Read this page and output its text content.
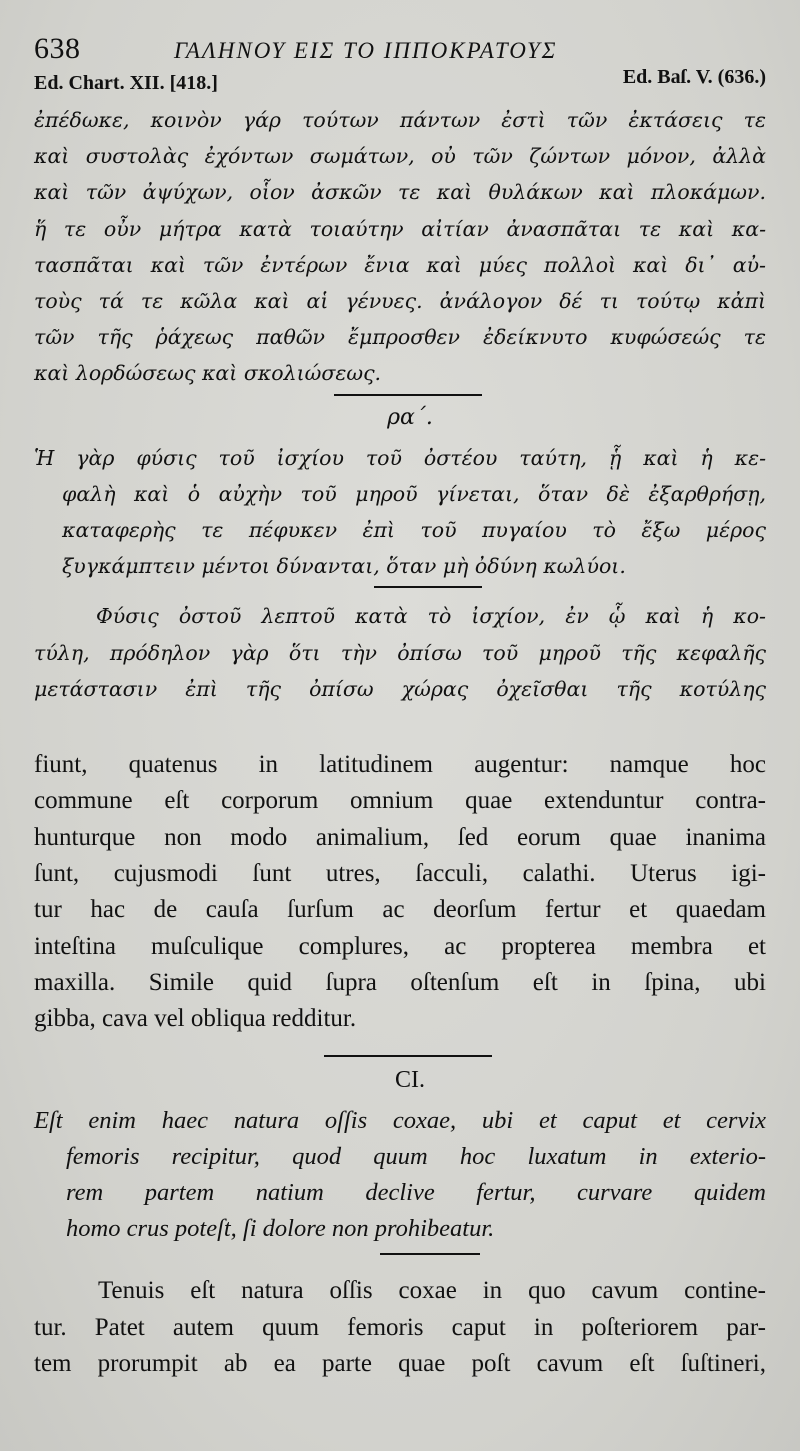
638	ΓΑΛΗΝΟΥ ΕΙΣ ΤΟ ΙΠΠΟΚΡΑΤΟΥΣ
Ed. Chart. XII. [418.]	Ed. Baſ. V. (636.)
ἐπέδωκε, κοινὸν γάρ τούτων πάντων ἐστὶ τῶν ἐκτάσεις τε
καὶ συστολὰς ἐχόντων σωμάτων, οὐ τῶν ζώντων μόνον, ἀλλὰ
καὶ τῶν ἀψύχων, οἷον ἀσκῶν τε καὶ θυλάκων καὶ πλοκάμων.
ἥ τε οὖν μήτρα κατὰ τοιαύτην αἰτίαν ἀνασπᾶται τε καὶ κα-
τασπᾶται καὶ τῶν ἐντέρων ἔνια καὶ μύες πολλοὶ καὶ δι᾽ αὐ-
τοὺς τά τε κῶλα καὶ αἱ γένυες. ἀνάλογον δέ τι τούτῳ κἀπὶ
τῶν τῆς ῥάχεως παθῶν ἔμπροσθεν ἐδείκνυτο κυφώσεώς τε
καὶ λορδώσεως καὶ σκολιώσεως.
ρα΄.
Ἡ γὰρ φύσις τοῦ ἰσχίου τοῦ ὀστέου ταύτη, ᾗ καὶ ἡ κε-
φαλὴ καὶ ὁ αὐχὴν τοῦ μηροῦ γίνεται, ὅταν δὲ ἐξαρθρήσῃ,
καταφερὴς τε πέφυκεν ἐπὶ τοῦ πυγαίου τὸ ἔξω μέρος
ξυγκάμπτειν μέντοι δύνανται, ὅταν μὴ ὀδύνη κωλύοι.
Φύσις ὀστοῦ λεπτοῦ κατὰ τὸ ἰσχίον, ἐν ᾧ καὶ ἡ κο-
τύλη, πρόδηλον γὰρ ὅτι τὴν ὀπίσω τοῦ μηροῦ τῆς κεφαλῆς
μετάστασιν ἐπὶ τῆς ὀπίσω χώρας ὀχεῖσθαι τῆς κοτύλης
fiunt, quatenus in latitudinem augentur: namque hoc
commune eſt corporum omnium quae extenduntur contra-
hunturque non modo animalium, ſed eorum quae inanima
ſunt, cujusmodi ſunt utres, ſacculi, calathi. Uterus igi-
tur hac de cauſa ſurſum ac deorſum fertur et quaedam
inteſtina muſculique complures, ac propterea membra et
maxilla. Simile quid ſupra oſtenſum eſt in ſpina, ubi
gibba, cava vel obliqua redditur.
CI.
Eſt enim haec natura oſſis coxae, ubi et caput et cervix
femoris recipitur, quod quum hoc luxatum in exterio-
rem partem natium declive fertur, curvare quidem
homo crus poteſt, ſi dolore non prohibeatur.
Tenuis eſt natura oſſis coxae in quo cavum contine-
tur. Patet autem quum femoris caput in poſteriorem par-
tem prorumpit ab ea parte quae poſt cavum eſt ſuſtineri,
